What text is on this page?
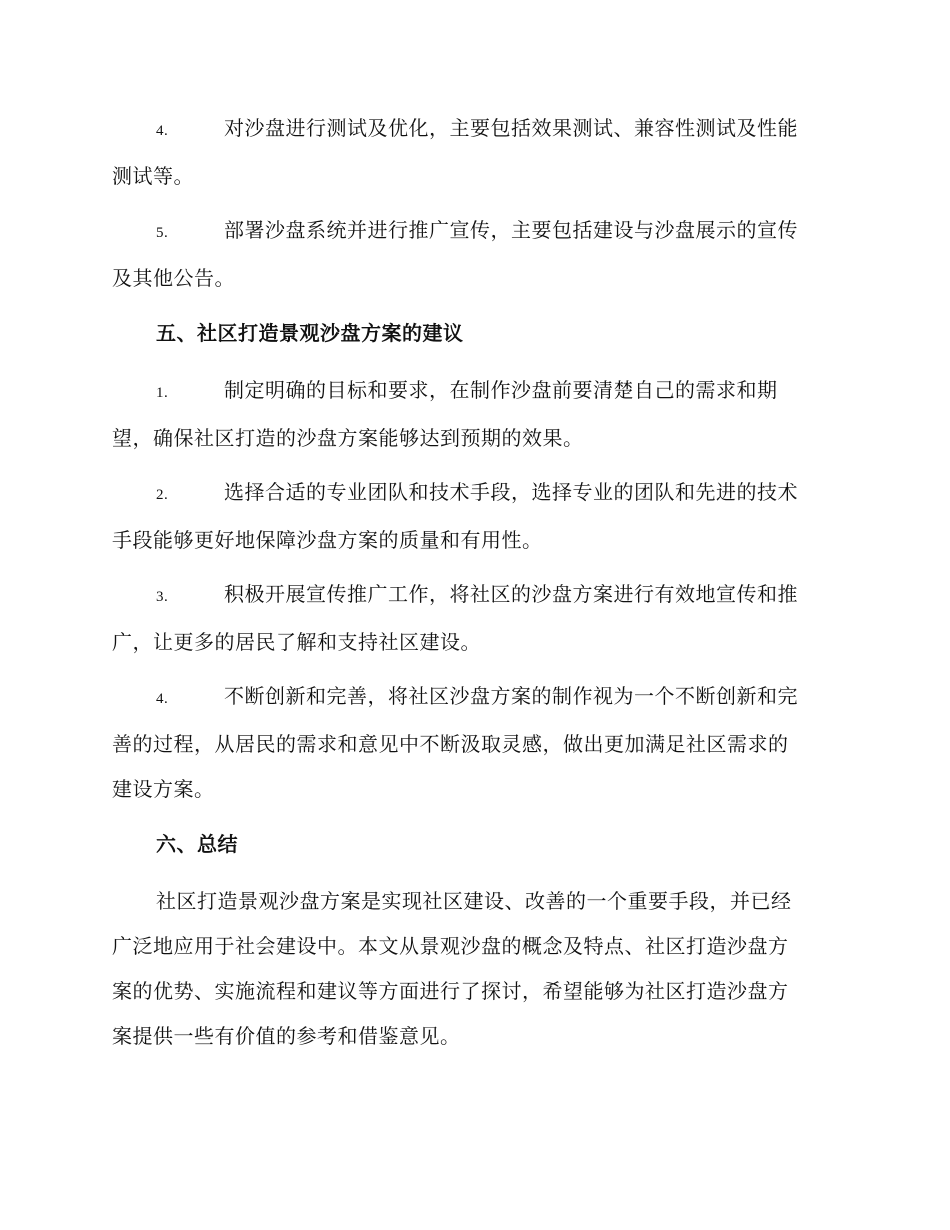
4.	对沙盘进行测试及优化，主要包括效果测试、兼容性测试及性能
测试等。
5.	部署沙盘系统并进行推广宣传，主要包括建设与沙盘展示的宣传
及其他公告。
五、社区打造景观沙盘方案的建议
1.	制定明确的目标和要求，在制作沙盘前要清楚自己的需求和期
望，确保社区打造的沙盘方案能够达到预期的效果。
2.	选择合适的专业团队和技术手段，选择专业的团队和先进的技术
手段能够更好地保障沙盘方案的质量和有用性。
3.	积极开展宣传推广工作，将社区的沙盘方案进行有效地宣传和推
广，让更多的居民了解和支持社区建设。
4.	不断创新和完善，将社区沙盘方案的制作视为一个不断创新和完
善的过程，从居民的需求和意见中不断汲取灵感，做出更加满足社区需求的
建设方案。
六、总结
社区打造景观沙盘方案是实现社区建设、改善的一个重要手段，并已经
广泛地应用于社会建设中。本文从景观沙盘的概念及特点、社区打造沙盘方
案的优势、实施流程和建议等方面进行了探讨，希望能够为社区打造沙盘方
案提供一些有价值的参考和借鉴意见。
